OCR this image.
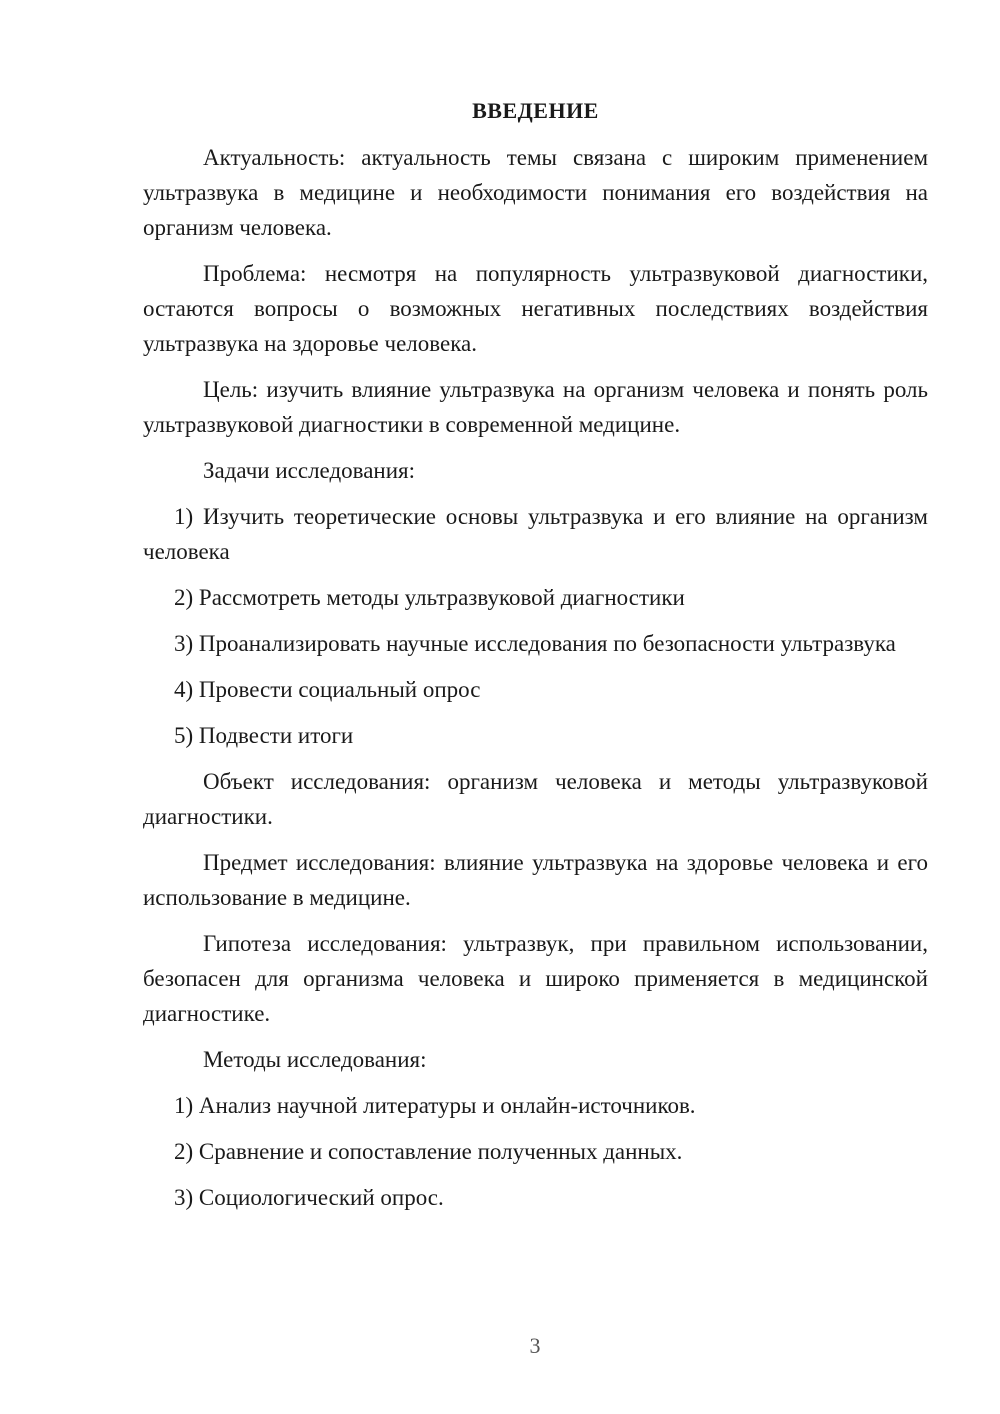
ВВЕДЕНИЕ

Актуальность: актуальность темы связана с широким применением ультразвука в медицине и необходимости понимания его воздействия на организм человека.

Проблема: несмотря на популярность ультразвуковой диагностики, остаются вопросы о возможных негативных последствиях воздействия ультразвука на здоровье человека.

Цель: изучить влияние ультразвука на организм человека и понять роль ультразвуковой диагностики в современной медицине.

Задачи исследования:

1) Изучить теоретические основы ультразвука и его влияние на организм человека

2) Рассмотреть методы ультразвуковой диагностики

3) Проанализировать научные исследования по безопасности ультразвука

4) Провести социальный опрос

5) Подвести итоги

Объект исследования: организм человека и методы ультразвуковой диагностики.

Предмет исследования: влияние ультразвука на здоровье человека и его использование в медицине.

Гипотеза исследования: ультразвук, при правильном использовании, безопасен для организма человека и широко применяется в медицинской диагностике.

Методы исследования:

1) Анализ научной литературы и онлайн-источников.

2) Сравнение и сопоставление полученных данных.

3) Социологический опрос.

3
